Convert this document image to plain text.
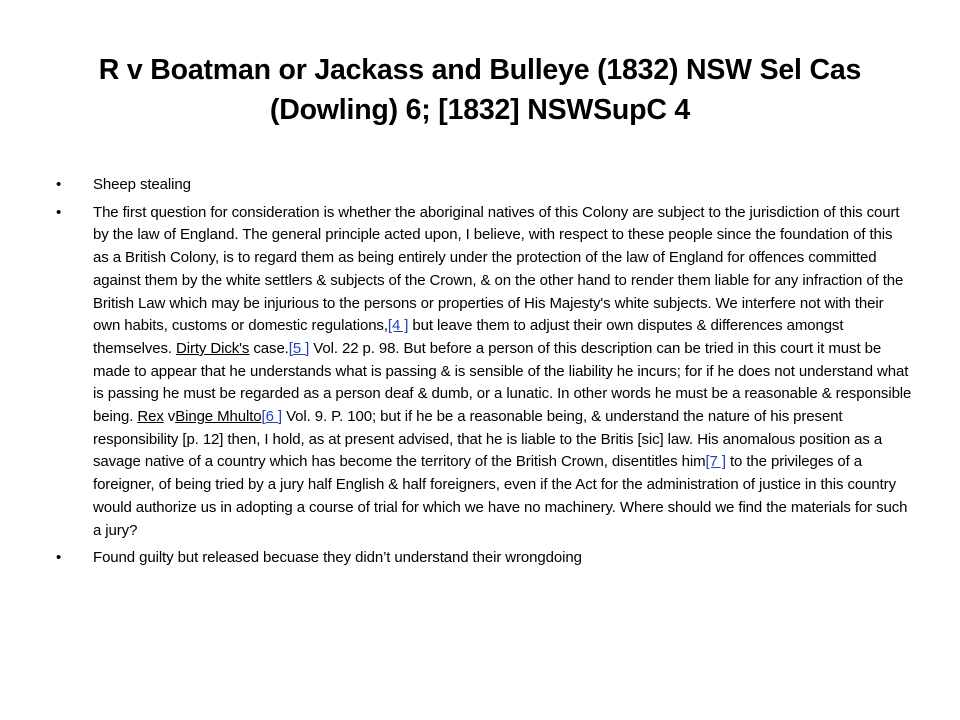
R v Boatman or Jackass and Bulleye (1832) NSW Sel Cas (Dowling) 6; [1832] NSWSupC 4
•	Sheep stealing
•	The first question for consideration is whether the aboriginal natives of this Colony are subject to the jurisdiction of this court by the law of England. The general principle acted upon, I believe, with respect to these people since the foundation of this as a British Colony, is to regard them as being entirely under the protection of the law of England for offences committed against them by the white settlers & subjects of the Crown, & on the other hand to render them liable for any infraction of the British Law which may be injurious to the persons or properties of His Majesty's white subjects. We interfere not with their own habits, customs or domestic regulations,[4 ] but leave them to adjust their own disputes & differences amongst themselves. Dirty Dick's case.[5 ] Vol. 22 p. 98. But before a person of this description can be tried in this court it must be made to appear that he understands what is passing & is sensible of the liability he incurs; for if he does not understand what is passing he must be regarded as a person deaf & dumb, or a lunatic. In other words he must be a reasonable & responsible being. Rex vBinge Mhulto[6 ] Vol. 9. P. 100; but if he be a reasonable being, & understand the nature of his present responsibility [p. 12] then, I hold, as at present advised, that he is liable to the Britis [sic] law. His anomalous position as a savage native of a country which has become the territory of the British Crown, disentitles him[7 ] to the privileges of a foreigner, of being tried by a jury half English & half foreigners, even if the Act for the administration of justice in this country would authorize us in adopting a course of trial for which we have no machinery. Where should we find the materials for such a jury?
•	Found guilty but released becuase they didn’t understand their wrongdoing
